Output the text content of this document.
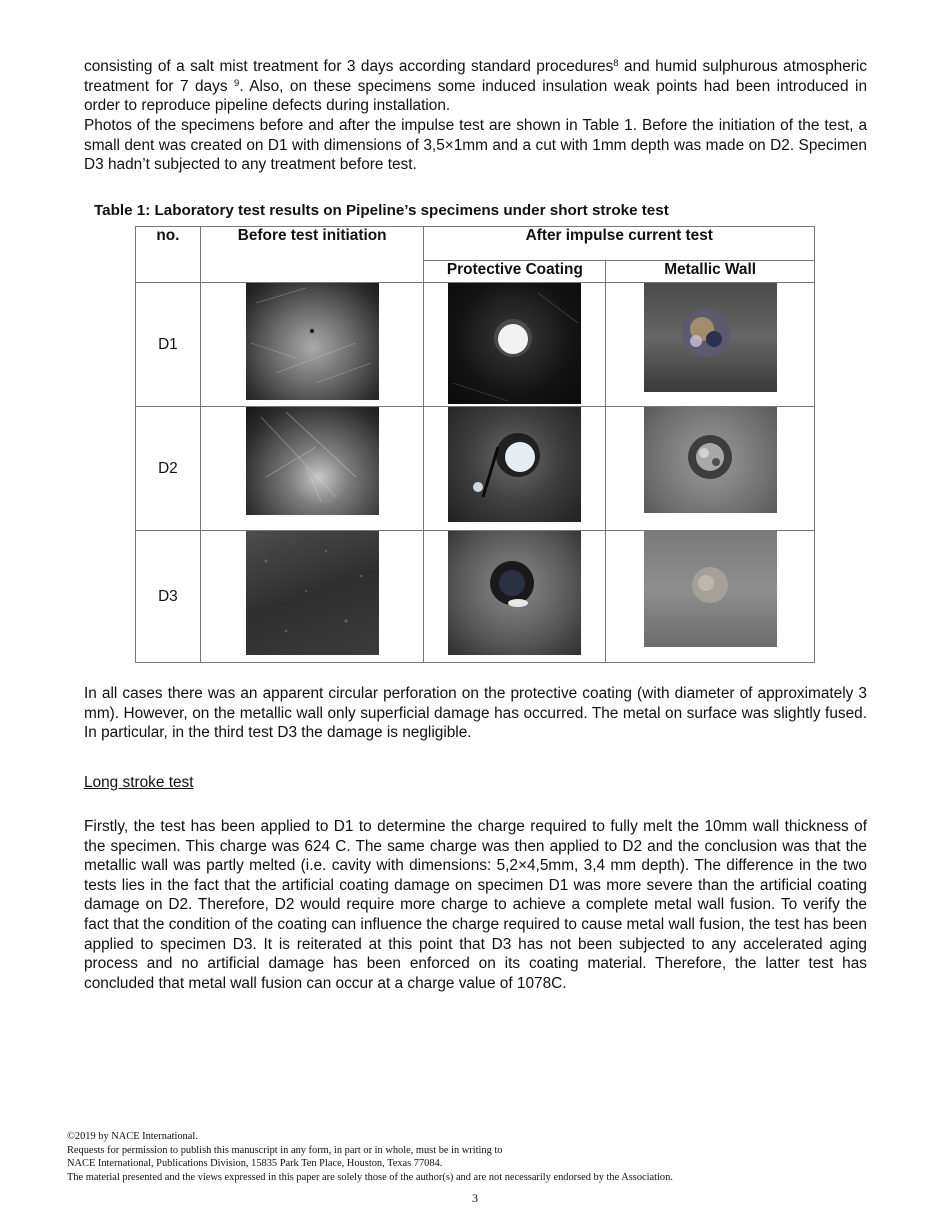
consisting of a salt mist treatment for 3 days according standard procedures$^8$ and humid sulphurous atmospheric treatment for 7 days $^9$. Also, on these specimens some induced insulation weak points had been introduced in order to reproduce pipeline defects during installation.

Photos of the specimens before and after the impulse test are shown in Table 1. Before the initiation of the test, a small dent was created on D1 with dimensions of 3,5×1mm and a cut with 1mm depth was made on D2. Specimen D3 hadn’t subjected to any treatment before test.

Table 1: Laboratory test results on Pipeline’s specimens under short stroke test

no.	Before test initiation	After impulse current test	
		Protective Coating	Metallic Wall
D1	

D2	

D3	

In all cases there was an apparent circular perforation on the protective coating (with diameter of approximately 3 mm). However, on the metallic wall only superficial damage has occurred. The metal on surface was slightly fused. In particular, in the third test D3 the damage is negligible.

Long stroke test

Firstly, the test has been applied to D1 to determine the charge required to fully melt the 10mm wall thickness of the specimen. This charge was 624 C. The same charge was then applied to D2 and the conclusion was that the metallic wall was partly melted (i.e. cavity with dimensions: 5,2×4,5mm, 3,4 mm depth). The difference in the two tests lies in the fact that the artificial coating damage on specimen D1 was more severe than the artificial coating damage on D2. Therefore, D2 would require more charge to achieve a complete metal wall fusion. To verify the fact that the condition of the coating can influence the charge required to cause metal wall fusion, the test has been applied to specimen D3. It is reiterated at this point that D3 has not been subjected to any accelerated aging process and no artificial damage has been enforced on its coating material. Therefore, the latter test has concluded that metal wall fusion can occur at a charge value of 1078C.

©2019 by NACE International.
Requests for permission to publish this manuscript in any form, in part or in whole, must be in writing to
NACE International, Publications Division, 15835 Park Ten Place, Houston, Texas 77084.
The material presented and the views expressed in this paper are solely those of the author(s) and are not necessarily endorsed by the Association.

3
